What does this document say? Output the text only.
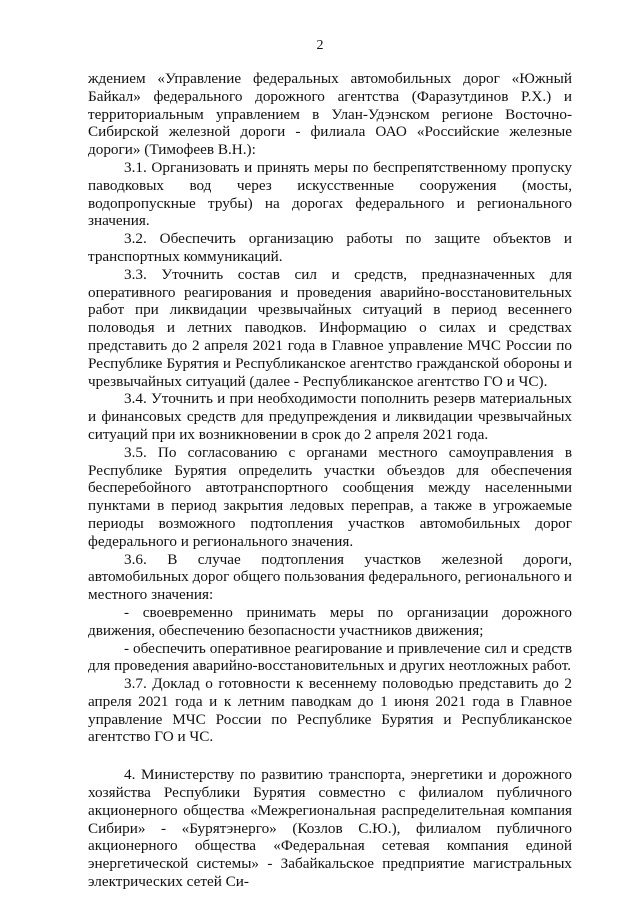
2

ждением «Управление федеральных автомобильных дорог «Южный Байкал» федерального дорожного агентства (Фаразутдинов Р.Х.) и территориальным управлением в Улан-Удэнском регионе Восточно-Сибирской железной дороги - филиала ОАО «Российские железные дороги» (Тимофеев В.Н.):

3.1. Организовать и принять меры по беспрепятственному пропуску паводковых вод через искусственные сооружения (мосты, водопропускные трубы) на дорогах федерального и регионального значения.

3.2. Обеспечить организацию работы по защите объектов и транспортных коммуникаций.

3.3. Уточнить состав сил и средств, предназначенных для оперативного реагирования и проведения аварийно-восстановительных работ при ликвидации чрезвычайных ситуаций в период весеннего половодья и летних паводков. Информацию о силах и средствах представить до 2 апреля 2021 года в Главное управление МЧС России по Республике Бурятия и Республиканское агентство гражданской обороны и чрезвычайных ситуаций (далее - Республиканское агентство ГО и ЧС).

3.4. Уточнить и при необходимости пополнить резерв материальных и финансовых средств для предупреждения и ликвидации чрезвычайных ситуаций при их возникновении в срок до 2 апреля 2021 года.

3.5. По согласованию с органами местного самоуправления в Республике Бурятия определить участки объездов для обеспечения бесперебойного автотранспортного сообщения между населенными пунктами в период закрытия ледовых переправ, а также в угрожаемые периоды возможного подтопления участков автомобильных дорог федерального и регионального значения.

3.6. В случае подтопления участков железной дороги, автомобильных дорог общего пользования федерального, регионального и местного значения:

- своевременно принимать меры по организации дорожного движения, обеспечению безопасности участников движения;

- обеспечить оперативное реагирование и привлечение сил и средств для проведения аварийно-восстановительных и других неотложных работ.

3.7. Доклад о готовности к весеннему половодью представить до 2 апреля 2021 года и к летним паводкам до 1 июня 2021 года в Главное управление МЧС России по Республике Бурятия и Республиканское агентство ГО и ЧС.

4. Министерству по развитию транспорта, энергетики и дорожного хозяйства Республики Бурятия совместно с филиалом публичного акционерного общества «Межрегиональная распределительная компания Сибири» - «Бурятэнерго» (Козлов С.Ю.), филиалом публичного акционерного общества «Федеральная сетевая компания единой энергетической системы» - Забайкальское предприятие магистральных электрических сетей Си-
